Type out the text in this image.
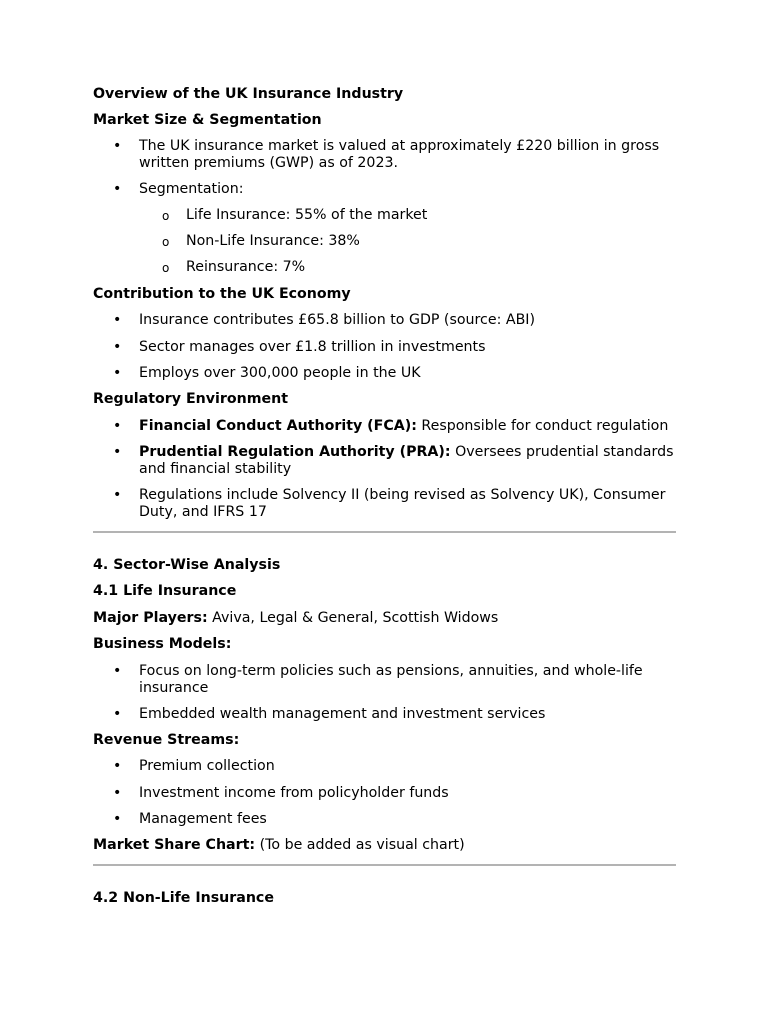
Overview of the UK Insurance Industry
Market Size & Segmentation
• The UK insurance market is valued at approximately £220 billion in gross written premiums (GWP) as of 2023.
• Segmentation:
o Life Insurance: 55% of the market
o Non-Life Insurance: 38%
o Reinsurance: 7%
Contribution to the UK Economy
• Insurance contributes £65.8 billion to GDP (source: ABI)
• Sector manages over £1.8 trillion in investments
• Employs over 300,000 people in the UK
Regulatory Environment
• Financial Conduct Authority (FCA): Responsible for conduct regulation
• Prudential Regulation Authority (PRA): Oversees prudential standards and financial stability
• Regulations include Solvency II (being revised as Solvency UK), Consumer Duty, and IFRS 17
4. Sector-Wise Analysis
4.1 Life Insurance
Major Players: Aviva, Legal & General, Scottish Widows
Business Models:
• Focus on long-term policies such as pensions, annuities, and whole-life insurance
• Embedded wealth management and investment services
Revenue Streams:
• Premium collection
• Investment income from policyholder funds
• Management fees
Market Share Chart: (To be added as visual chart)
4.2 Non-Life Insurance
